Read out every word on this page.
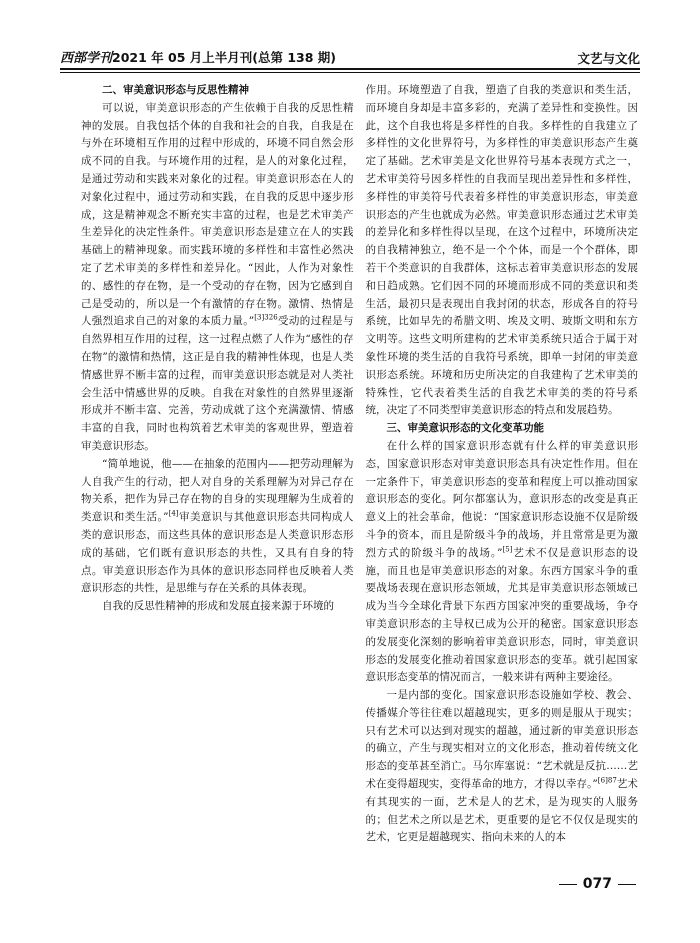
西部学刊2021 年 05 月上半月刊(总第 138 期)	文艺与文化
二、审美意识形态与反思性精神

可以说，审美意识形态的产生依赖于自我的反思性精神的发展。自我包括个体的自我和社会的自我，自我是在与外在环境相互作用的过程中形成的，环境不同自然会形成不同的自我。与环境作用的过程，是人的对象化过程，是通过劳动和实践来对象化的过程。审美意识形态在人的对象化过程中，通过劳动和实践，在自我的反思中逐步形成，这是精神观念不断充实丰富的过程，也是艺术审美产生差异化的决定性条件。审美意识形态是建立在人的实践基础上的精神现象。而实践环境的多样性和丰富性必然决定了艺术审美的多样性和差异化。“因此，人作为对象性的、感性的存在物，是一个受动的存在物，因为它感到自己是受动的，所以是一个有激情的存在物。激情、热情是人强烈追求自己的对象的本质力量。”$^{[3]326}$受动的过程是与自然界相互作用的过程，这一过程点燃了人作为“感性的存在物”的激情和热情，这正是自我的精神性体现，也是人类情感世界不断丰富的过程，而审美意识形态就是对人类社会生活中情感世界的反映。自我在对象性的自然界里逐渐形成并不断丰富、完善，劳动成就了这个充满激情、情感丰富的自我，同时也构筑着艺术审美的客观世界，塑造着审美意识形态。

“简单地说，他——在抽象的范围内——把劳动理解为人自我产生的行动，把人对自身的关系理解为对异己存在物关系，把作为异己存在物的自身的实现理解为生成着的类意识和类生活。”[4]审美意识与其他意识形态共同构成人类的意识形态，而这些具体的意识形态是人类意识形态形成的基础，它们既有意识形态的共性，又具有自身的特点。审美意识形态作为具体的意识形态同样也反映着人类意识形态的共性，是思维与存在关系的具体表现。

自我的反思性精神的形成和发展直接来源于环境的

作用。环境塑造了自我，塑造了自我的类意识和类生活，而环境自身却是丰富多彩的，充满了差异性和变换性。因此，这个自我也将是多样性的自我。多样性的自我建立了多样性的文化世界符号，为多样性的审美意识形态产生奠定了基础。艺术审美是文化世界符号基本表现方式之一，艺术审美符号因多样性的自我而呈现出差异性和多样性，多样性的审美符号代表着多样性的审美意识形态，审美意识形态的产生也就成为必然。审美意识形态通过艺术审美的差异化和多样性得以呈现，在这个过程中，环境所决定的自我精神独立，绝不是一个个体，而是一个个群体，即若干个类意识的自我群体，这标志着审美意识形态的发展和日趋成熟。它们因不同的环境而形成不同的类意识和类生活，最初只是表现出自我封闭的状态，形成各自的符号系统，比如早先的希腊文明、埃及文明、玻斯文明和东方文明等。这些文明所建构的艺术审美系统只适合于属于对象性环境的类生活的自我符号系统，即单一封闭的审美意识形态系统。环境和历史所决定的自我建构了艺术审美的特殊性，它代表着类生活的自我艺术审美的类的符号系统，决定了不同类型审美意识形态的特点和发展趋势。

三、审美意识形态的文化变革功能

在什么样的国家意识形态就有什么样的审美意识形态，国家意识形态对审美意识形态具有决定性作用。但在一定条件下，审美意识形态的变革和程度上可以推动国家意识形态的变化。阿尔都塞认为，意识形态的改变是真正意义上的社会革命，他说：“国家意识形态设施不仅是阶级斗争的资本，而且是阶级斗争的战场，并且常常是更为激烈方式的阶级斗争的战场。”[5]艺术不仅是意识形态的设施，而且也是审美意识形态的对象。东西方国家斗争的重要战场表现在意识形态领域，尤其是审美意识形态领域已成为当今全球化背景下东西方国家冲突的重要战场，争夺审美意识形态的主导权已成为公开的秘密。国家意识形态的发展变化深刻的影响着审美意识形态，同时，审美意识形态的发展变化推动着国家意识形态的变革。就引起国家意识形态变革的情况而言，一般来讲有两种主要途径。

一是内部的变化。国家意识形态设施如学校、教会、传播媒介等往往难以超越现实，更多的则是服从于现实；只有艺术可以达到对现实的超越，通过新的审美意识形态的确立，产生与现实相对立的文化形态，推动着传统文化形态的变革甚至消亡。马尔库塞说：“艺术就是反抗……艺术在变得超现实，变得革命的地方，才得以幸存。”$^{[6]87}$艺术有其现实的一面，艺术是人的艺术，是为现实的人服务的；但艺术之所以是艺术，更重要的是它不仅仅是现实的艺术，它更是超越现实、指向未来的人的本

077
